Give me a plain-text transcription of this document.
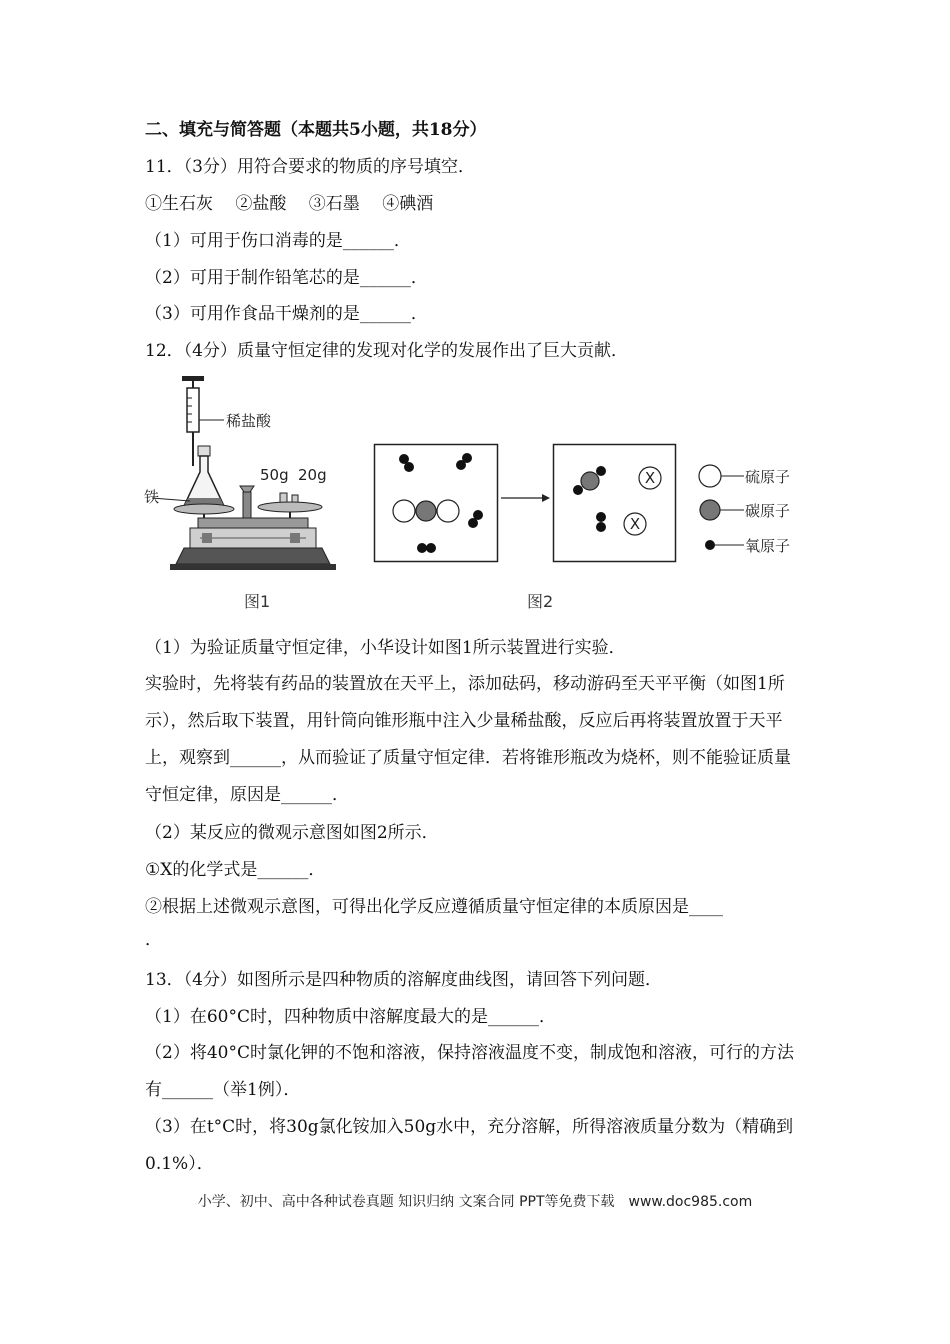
二、填充与简答题（本题共5小题，共18分）
11．（3分）用符合要求的物质的序号填空．
①生石灰　 ②盐酸　 ③石墨　 ④碘酒
（1）可用于伤口消毒的是______．
（2）可用于制作铅笔芯的是______．
（3）可用作食品干燥剂的是______．
12．（4分）质量守恒定律的发现对化学的发展作出了巨大贡献．
稀盐酸
铁
50g 20g
图1
X
X
硫原子
碳原子
氧原子
图2
（1）为验证质量守恒定律，小华设计如图1所示装置进行实验．
实验时，先将装有药品的装置放在天平上，添加砝码，移动游码至天平平衡（如图1所示），然后取下装置，用针筒向锥形瓶中注入少量稀盐酸，反应后再将装置放置于天平上，观察到______，从而验证了质量守恒定律．若将锥形瓶改为烧杯，则不能验证质量守恒定律，原因是______．
（2）某反应的微观示意图如图2所示．
①X的化学式是______．
②根据上述微观示意图，可得出化学反应遵循质量守恒定律的本质原因是____
．
13．（4分）如图所示是四种物质的溶解度曲线图，请回答下列问题．
（1）在60°C时，四种物质中溶解度最大的是______．
（2）将40°C时氯化钾的不饱和溶液，保持溶液温度不变，制成饱和溶液，可行的方法有______（举1例）．
（3）在t°C时，将30g氯化铵加入50g水中，充分溶解，所得溶液质量分数为（精确到0.1%）．
小学、初中、高中各种试卷真题 知识归纳 文案合同 PPT等免费下载　www.doc985.com
